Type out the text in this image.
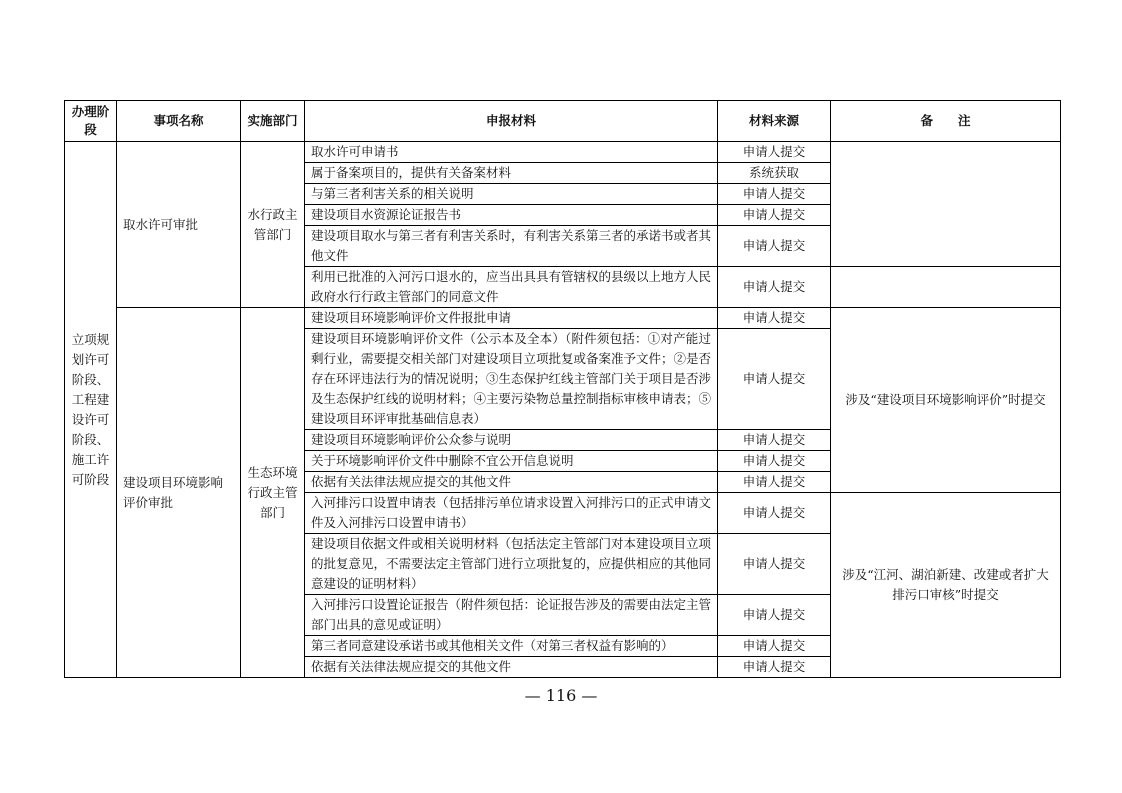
办理阶段	事项名称	实施部门	申报材料	材料来源	备　　注
立项规划许可阶段、工程建设许可阶段、施工许可阶段	取水许可审批	水行政主管部门	取水许可申请书	申请人提交	
			属于备案项目的，提供有关备案材料	系统获取	
			与第三者利害关系的相关说明	申请人提交	
			建设项目水资源论证报告书	申请人提交	
			建设项目取水与第三者有利害关系时，有利害关系第三者的承诺书或者其他文件	申请人提交	
			利用已批准的入河污口退水的，应当出具具有管辖权的县级以上地方人民政府水行行政主管部门的同意文件	申请人提交	
	建设项目环境影响评价审批	生态环境行政主管部门	建设项目环境影响评价文件报批申请	申请人提交	涉及“建设项目环境影响评价”时提交
			建设项目环境影响评价文件（公示本及全本）（附件须包括：①对产能过剩行业，需要提交相关部门对建设项目立项批复或备案准予文件；②是否存在环评违法行为的情况说明；③生态保护红线主管部门关于项目是否涉及生态保护红线的说明材料；④主要污染物总量控制指标审核申请表；⑤建设项目环评审批基础信息表）	申请人提交	
			建设项目环境影响评价公众参与说明	申请人提交	
			关于环境影响评价文件中删除不宜公开信息说明	申请人提交	
			依据有关法律法规应提交的其他文件	申请人提交	
			入河排污口设置申请表（包括排污单位请求设置入河排污口的正式申请文件及入河排污口设置申请书）	申请人提交	涉及“江河、湖泊新建、改建或者扩大排污口审核”时提交
			建设项目依据文件或相关说明材料（包括法定主管部门对本建设项目立项的批复意见，不需要法定主管部门进行立项批复的，应提供相应的其他同意建设的证明材料）	申请人提交	
			入河排污口设置论证报告（附件须包括：论证报告涉及的需要由法定主管部门出具的意见或证明）	申请人提交	
			第三者同意建设承诺书或其他相关文件（对第三者权益有影响的）	申请人提交	
			依据有关法律法规应提交的其他文件	申请人提交	
— 116 —
